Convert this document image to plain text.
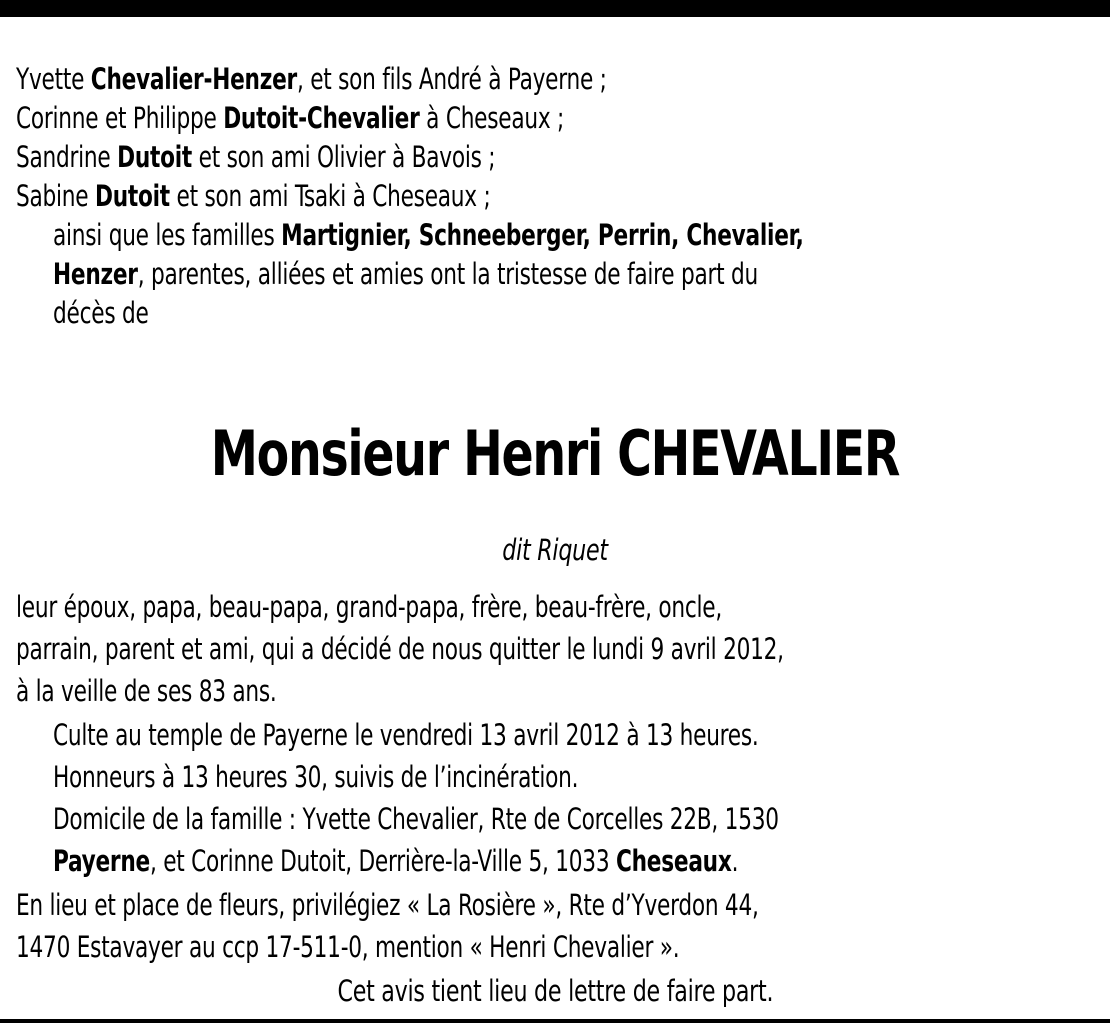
Yvette Chevalier-Henzer, et son fils André à Payerne ;
Corinne et Philippe Dutoit-Chevalier à Cheseaux ;
Sandrine Dutoit et son ami Olivier à Bavois ;
Sabine Dutoit et son ami Tsaki à Cheseaux ;
ainsi que les familles Martignier, Schneeberger, Perrin, Chevalier,
Henzer, parentes, alliées et amies ont la tristesse de faire part du
décès de
Monsieur Henri CHEVALIER
dit Riquet
leur époux, papa, beau-papa, grand-papa, frère, beau-frère, oncle,
parrain, parent et ami, qui a décidé de nous quitter le lundi 9 avril 2012,
à la veille de ses 83 ans.
Culte au temple de Payerne le vendredi 13 avril 2012 à 13 heures.
Honneurs à 13 heures 30, suivis de l’incinération.
Domicile de la famille : Yvette Chevalier, Rte de Corcelles 22B, 1530
Payerne, et Corinne Dutoit, Derrière-la-Ville 5, 1033 Cheseaux.
En lieu et place de fleurs, privilégiez « La Rosière », Rte d’Yverdon 44,
1470 Estavayer au ccp 17-511-0, mention « Henri Chevalier ».
Cet avis tient lieu de lettre de faire part.
